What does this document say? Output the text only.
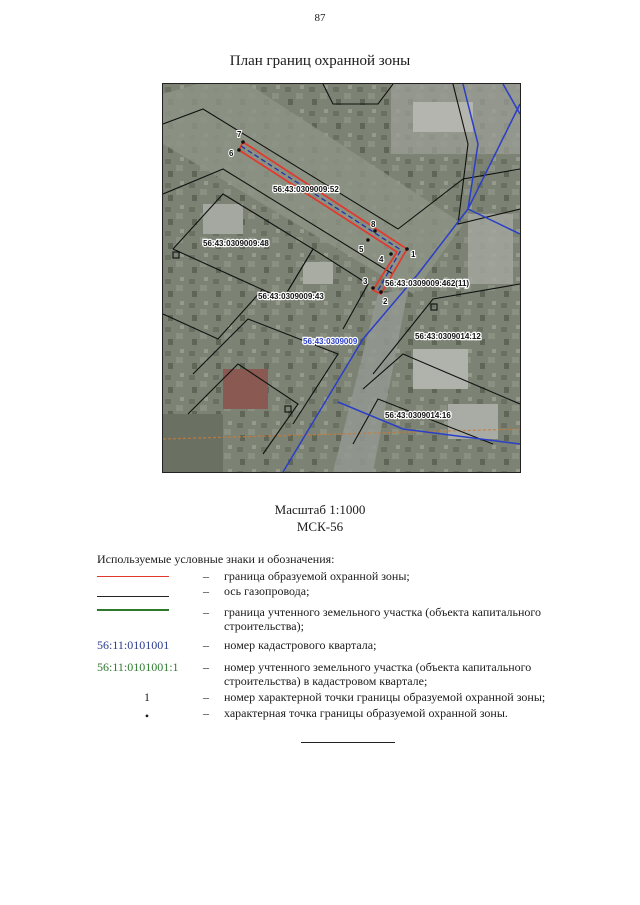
87
План границ охранной зоны
1
2
3
4
5
6
7
8
56:43:0309009:52
56:43:0309009:48
56:43:0309009:43
56:43:0309009:462(11)
56:43:0309014:12
56:43:0309014:16
56:43:0309009
Масштаб 1:1000
МСК-56
Используемые условные знаки и обозначения:
– граница образуемой охранной зоны;
– ось газопровода;
– граница учтенного земельного участка (объекта капитального строительства);
56:11:0101001	– номер кадастрового квартала;
56:11:0101001:1 – номер учтенного земельного участка (объекта капитального строительства) в кадастровом квартале;
1	– номер характерной точки границы образуемой охранной зоны;
•	– характерная точка границы образуемой охранной зоны.
